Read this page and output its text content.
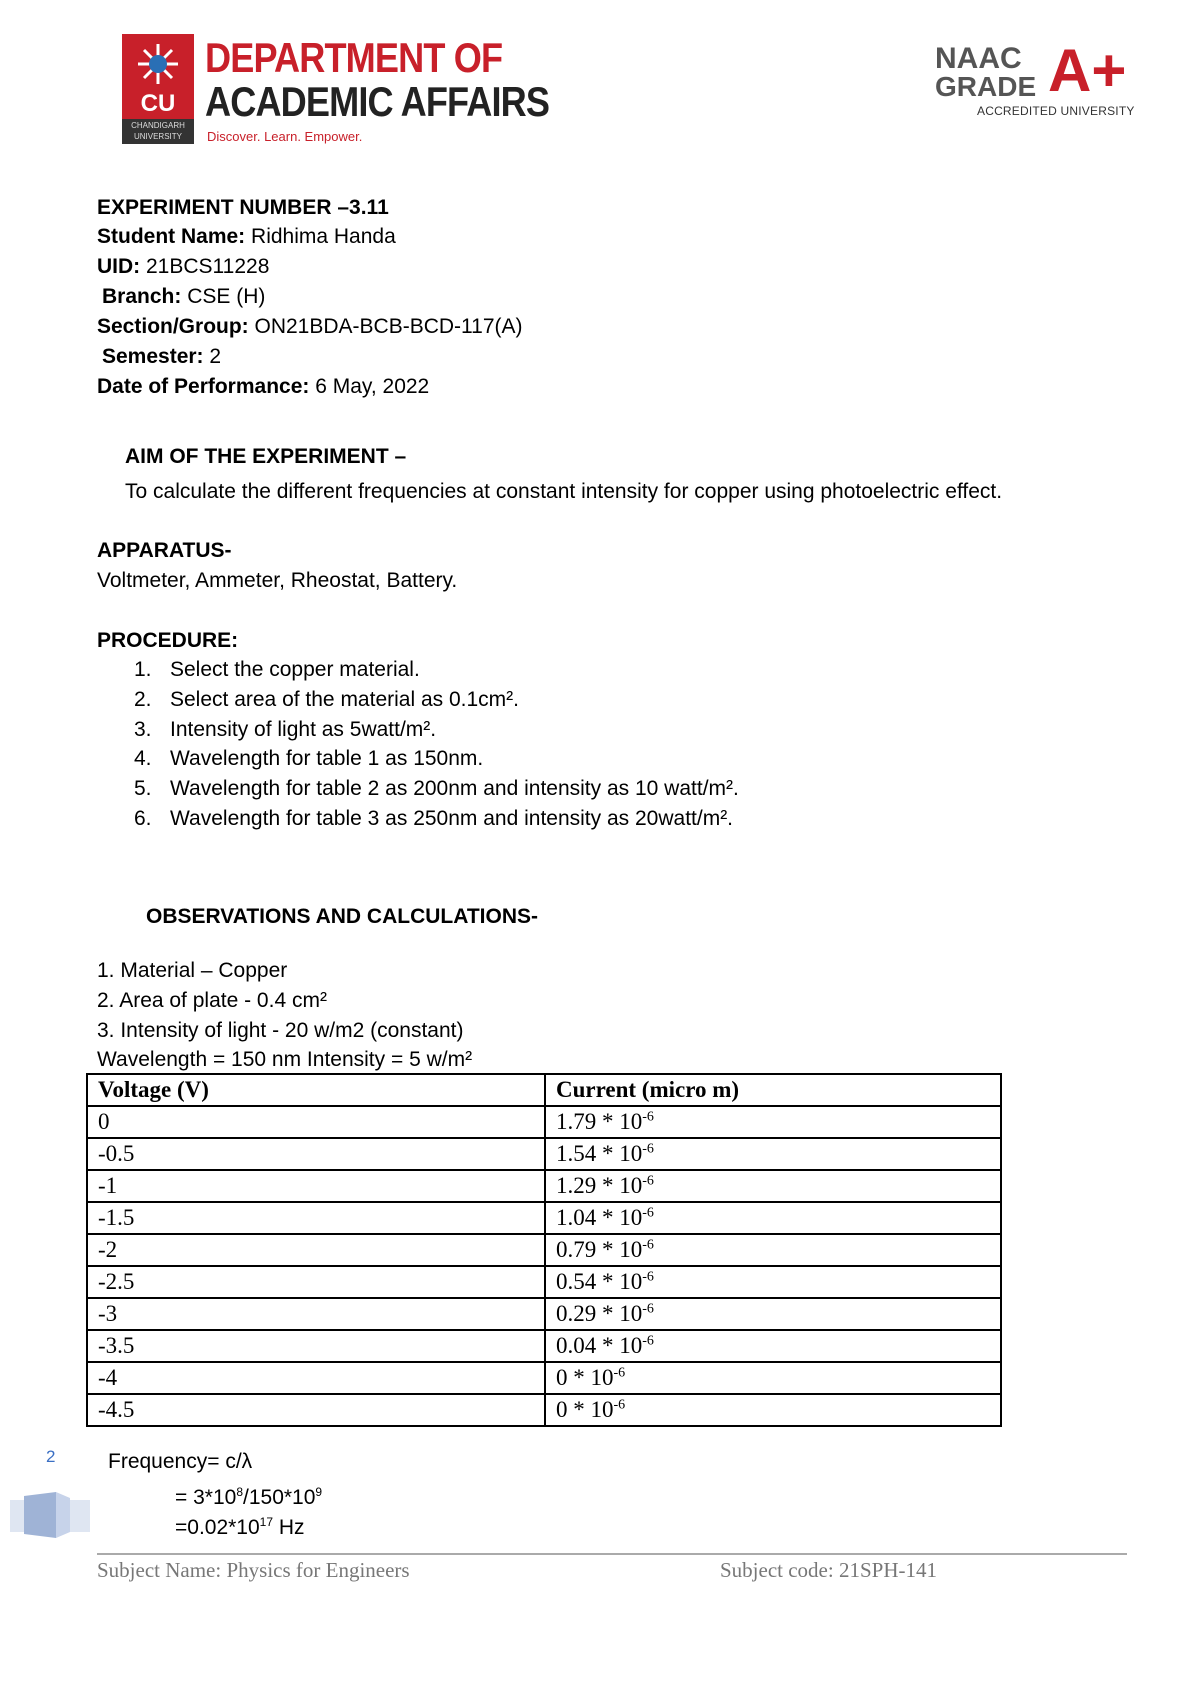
CU
CHANDIGARH UNIVERSITY
DEPARTMENT OF
ACADEMIC AFFAIRS
Discover. Learn. Empower.
NAAC
GRADE A+
ACCREDITED UNIVERSITY
EXPERIMENT NUMBER –3.11
Student Name: Ridhima Handa
UID: 21BCS11228
Branch: CSE (H)
Section/Group: ON21BDA-BCB-BCD-117(A)
Semester: 2
Date of Performance: 6 May, 2022
AIM OF THE EXPERIMENT –
To calculate the different frequencies at constant intensity for copper using photoelectric effect.
APPARATUS-
Voltmeter, Ammeter, Rheostat, Battery.
PROCEDURE:
1. Select the copper material.
2. Select area of the material as 0.1cm².
3. Intensity of light as 5watt/m².
4. Wavelength for table 1 as 150nm.
5. Wavelength for table 2 as 200nm and intensity as 10 watt/m².
6. Wavelength for table 3 as 250nm and intensity as 20watt/m².
OBSERVATIONS AND CALCULATIONS-
1. Material – Copper
2. Area of plate - 0.4 cm²
3. Intensity of light - 20 w/m2 (constant)
Wavelength = 150 nm Intensity = 5 w/m²
Voltage (V)	Current (micro m)
0	$1.79 * 10^{-6}$
-0.5	$1.54 * 10^{-6}$
-1	$1.29 * 10^{-6}$
-1.5	$1.04 * 10^{-6}$
-2	$0.79 * 10^{-6}$
-2.5	$0.54 * 10^{-6}$
-3	$0.29 * 10^{-6}$
-3.5	$0.04 * 10^{-6}$
-4	$0 * 10^{-6}$
-4.5	$0 * 10^{-6}$
Frequency= c/λ
= $3*10^8/150*10^9$
$=0.02*10^{17}$ Hz
2
Subject Name: Physics for Engineers	Subject code: 21SPH-141
